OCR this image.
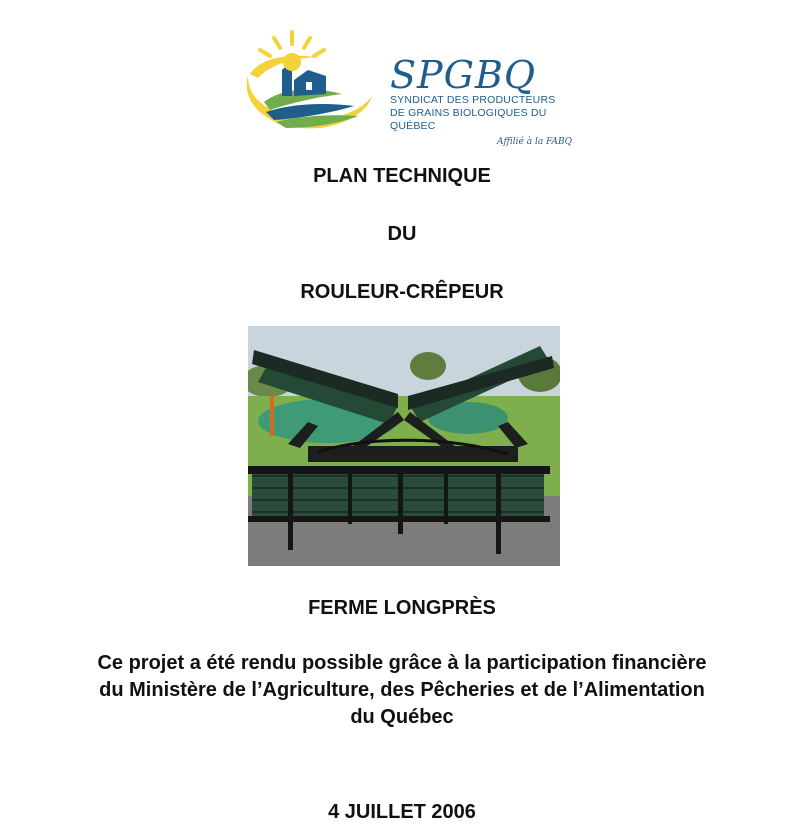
SPGBQ
SYNDICAT DES PRODUCTEURS
DE GRAINS BIOLOGIQUES DU QUÉBEC
Affilié à la FABQ
PLAN TECHNIQUE
DU
ROULEUR-CRÊPEUR
FERME LONGPRÈS
Ce projet a été rendu possible grâce à la participation financière
du Ministère de l’Agriculture, des Pêcheries et de l’Alimentation
du Québec
4 JUILLET 2006
